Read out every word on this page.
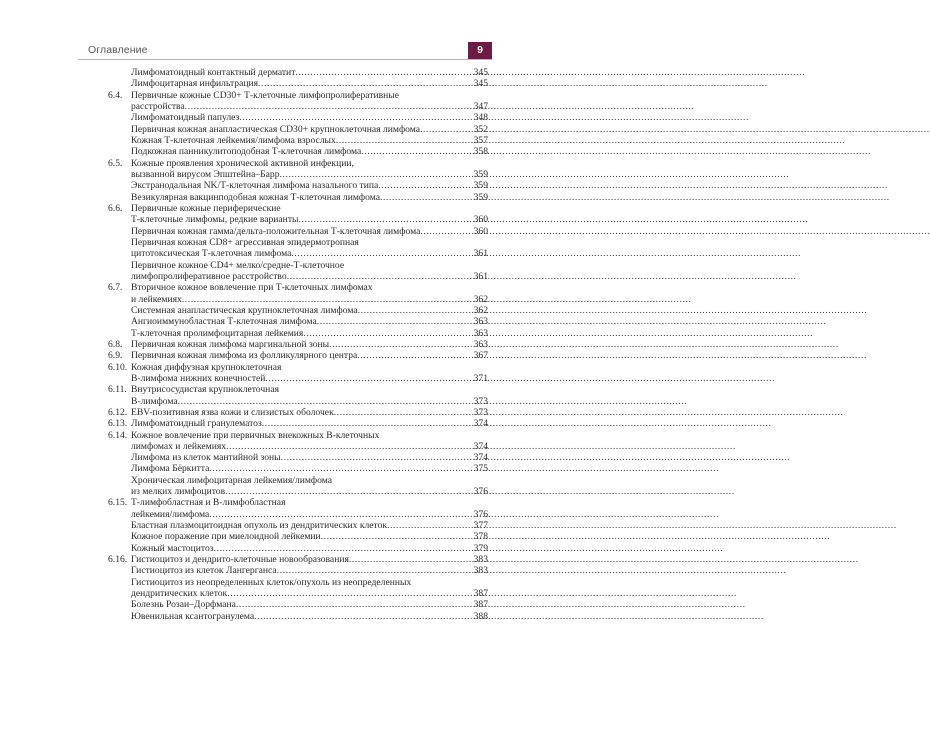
Оглавление	9
Лимфоматоидный контактный дерматит .....	345
Лимфоцитарная инфильтрация .....	345
6.4. Первичные кожные CD30+ Т-клеточные лимфопролиферативные
расстройства .....	347
Лимфоматоидный папулез .....	348
Первичная кожная анапластическая CD30+ крупноклеточная лимфома .....	352
Кожная Т-клеточная лейкемия/лимфома взрослых .....	357
Подкожная панникулитоподобная Т-клеточная лимфома .....	358
6.5. Кожные проявления хронической активной инфекции,
вызванной вирусом Эпштейна–Барр .....	359
Экстранодальная NK/Т-клеточная лимфома назального типа .....	359
Везикулярная вакцинподобная кожная Т-клеточная лимфома .....	359
6.6. Первичные кожные периферические
Т-клеточные лимфомы, редкие варианты .....	360
Первичная кожная гамма/дельта-положительная Т-клеточная лимфома .....	360
Первичная кожная CD8+ агрессивная эпидермотропная
цитотоксическая Т-клеточная лимфома .....	361
Первичное кожное CD4+ мелко/средне-Т-клеточное
лимфопролиферативное расстройство .....	361
6.7. Вторичное кожное вовлечение при Т-клеточных лимфомах
и лейкемиях .....	362
Системная анапластическая крупноклеточная лимфома .....	362
Ангиоиммунобластная Т-клеточная лимфома .....	363
Т-клеточная пролимфоцитарная лейкемия .....	363
6.8. Первичная кожная лимфома маргинальной зоны .....	363
6.9. Первичная кожная лимфома из фолликулярного центра .....	367
6.10. Кожная диффузная крупноклеточная
В-лимфома нижних конечностей .....	371
6.11. Внутрисосудистая крупноклеточная
В-лимфома .....	373
6.12. EBV-позитивная язва кожи и слизистых оболочек .....	373
6.13. Лимфоматоидный гранулематоз .....	374
6.14. Кожное вовлечение при первичных внекожных В-клеточных
лимфомах и лейкемиях .....	374
Лимфома из клеток мантийной зоны .....	374
Лимфома Бёркитта .....	375
Хроническая лимфоцитарная лейкемия/лимфома
из мелких лимфоцитов .....	376
6.15. Т-лимфобластная и В-лимфобластная
лейкемия/лимфома .....	376
Бластная плазмоцитоидная опухоль из дендритических клеток .....	377
Кожное поражение при миелоидной лейкемии .....	378
Кожный мастоцитоз .....	379
6.16. Гистиоцитоз и дендрито-клеточные новообразования .....	383
Гистиоцитоз из клеток Лангерганса .....	383
Гистиоцитоз из неопределенных клеток/опухоль из неопределенных
дендритических клеток .....	387
Болезнь Розаи–Дорфмана .....	387
Ювенильная ксантогранулема .....	388
